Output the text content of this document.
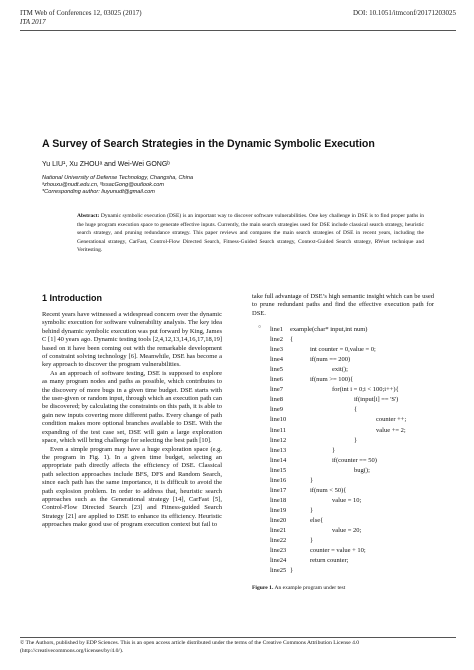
ITM Web of Conferences 12, 03025 (2017)	DOI: 10.1051/itmconf/20171203025
ITA 2017
A Survey of Search Strategies in the Dynamic Symbolic Execution
Yu LIU¹, Xu ZHOUᵃ and Wei-Wei GONGᵇ
National University of Defense Technology, Changsha, China
ᵃzhouxu@nudt.edu.cn, ᵇlssacGong@outlook.com
*Corresponding author: liuyunudt@gmail.com
Abstract: Dynamic symbolic execution (DSE) is an important way to discover software vulnerabilities. One key challenge in DSE is to find proper paths in the huge program execution space to generate effective inputs. Currently, the main search strategies used for DSE include classical search strategy, heuristic search strategy, and pruning redundance strategy. This paper reviews and compares the main search strategies of DSE in recent years, including the Generational strategy, CarFast, Control-Flow Directed Search, Fitness-Guided Search strategy, Context-Guided Search strategy, RWset technique and Veritesting.
1 Introduction

Recent years have witnessed a widespread concern over the dynamic symbolic execution for software vulnerability analysis. The key idea behind dynamic symbolic execution was put forward by King, James C [1] 40 years ago. Dynamic testing tools [2,4,12,13,14,16,17,18,19] based on it have been coming out with the remarkable development of constraint solving technology [6]. Meanwhile, DSE has become a key approach to discover the program vulnerabilities.

As an approach of software testing, DSE is supposed to explore as many program nodes and paths as possible, which contributes to the discovery of more bugs in a given time budget. DSE starts with the user-given or random input, through which an execution path can be discovered; by calculating the constraints on this path, it is able to gain new inputs covering more different paths. Every change of path condition makes more optional branches available to DSE. With the expanding of the test case set, DSE will gain a large exploration space, which will bring challenge for selecting the best path [10].

Even a simple program may have a huge exploration space (e.g. the program in Fig. 1). In a given time budget, selecting an appropriate path directly affects the efficiency of DSE. Classical path selection approaches include BFS, DFS and Random Search, since each path has the same importance, it is difficult to avoid the path explosion problem. In order to address that, heuristic search approaches such as the Generational strategy [14], CarFast [5], Control-Flow Directed Search [23] and Fitness-guided Search Strategy [21] are applied to DSE to enhance its efficiency. Heuristic approaches make good use of program execution context but fail to

take full advantage of DSE’s high semantic insight which can be used to prune redundant paths and find the effective execution path for DSE.
○ line1 example(char* input,int num)
line2 {
line3	int counter = 0,value = 0;
line4	if(num == 200)
line5	exit();
line6	if(num >= 100){
line7	for(int i = 0;i < 100;i++){
line8	if(input[i] == 'S')
line9	{
line10	counter ++;
line11	value += 2;
line12	}
line13	}
line14	if(counter == 50)
line15	bug();
line16	}
line17	if(num < 50){
line18	value = 10;
line19	}
line20	else{
line21	value = 20;
line22	}
line23	counter = value + 10;
line24	return counter;
line25 }
Figure 1. An example program under test
© The Authors, published by EDP Sciences. This is an open access article distributed under the terms of the Creative Commons Attribution License 4.0 (http://creativecommons.org/licenses/by/4.0/).
